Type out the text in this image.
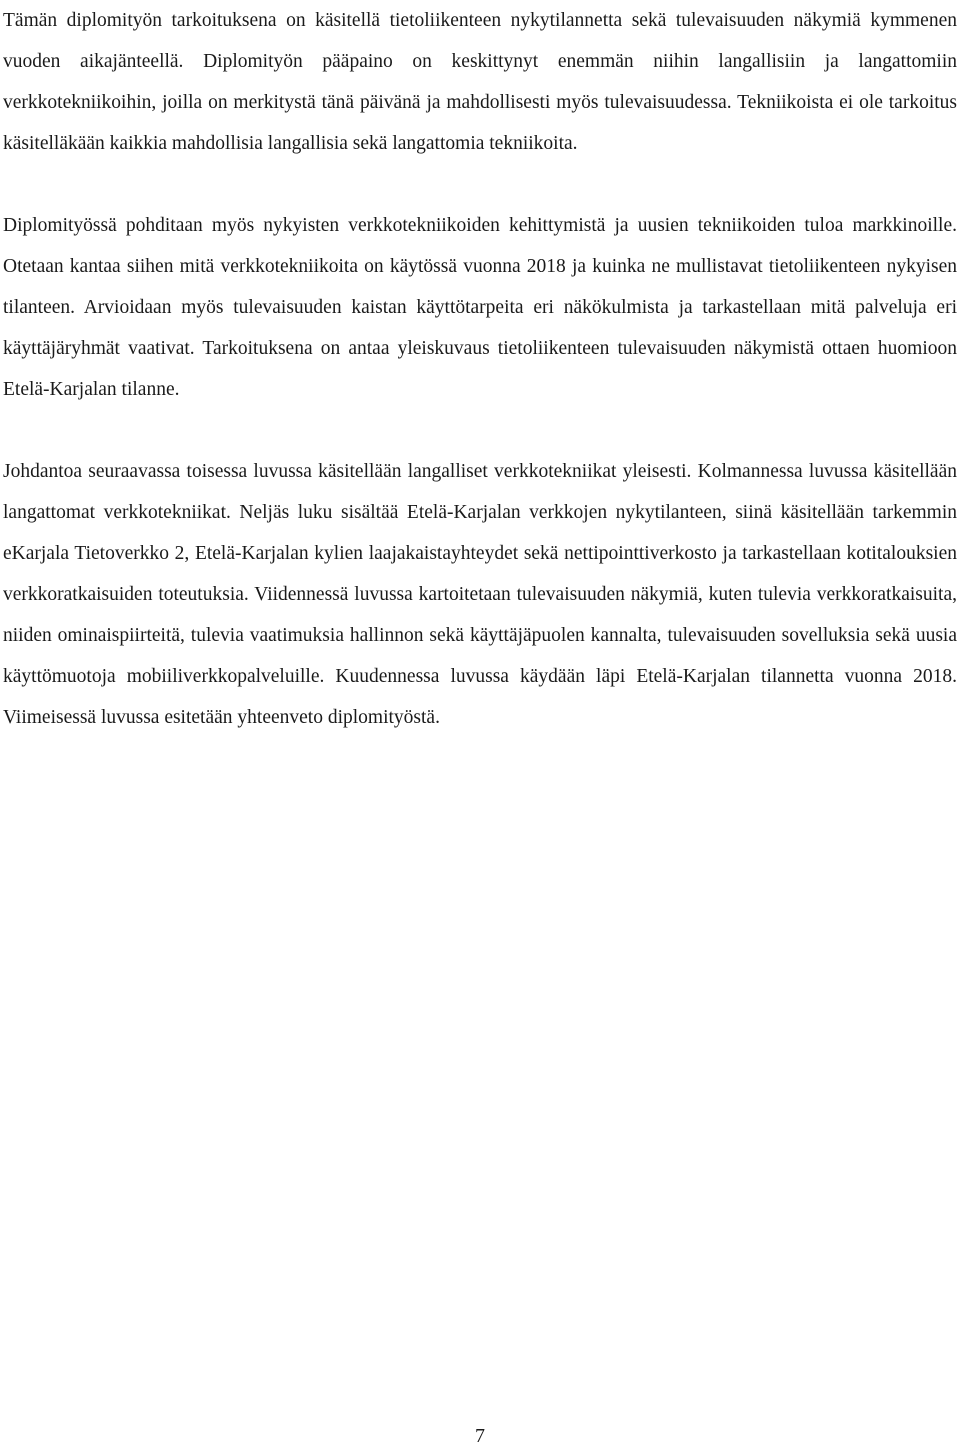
Tämän diplomityön tarkoituksena on käsitellä tietoliikenteen nykytilannetta sekä tulevaisuuden näkymiä kymmenen vuoden aikajänteellä. Diplomityön pääpaino on keskittynyt enemmän niihin langallisiin ja langattomiin verkkotekniikoihin, joilla on merkitystä tänä päivänä ja mahdollisesti myös tulevaisuudessa. Tekniikoista ei ole tarkoitus käsitelläkään kaikkia mahdollisia langallisia sekä langattomia tekniikoita.

Diplomityössä pohditaan myös nykyisten verkkotekniikoiden kehittymistä ja uusien tekniikoiden tuloa markkinoille. Otetaan kantaa siihen mitä verkkotekniikoita on käytössä vuonna 2018 ja kuinka ne mullistavat tietoliikenteen nykyisen tilanteen. Arvioidaan myös tulevaisuuden kaistan käyttötarpeita eri näkökulmista ja tarkastellaan mitä palveluja eri käyttäjäryhmät vaativat. Tarkoituksena on antaa yleiskuvaus tietoliikenteen tulevaisuuden näkymistä ottaen huomioon Etelä-Karjalan tilanne.

Johdantoa seuraavassa toisessa luvussa käsitellään langalliset verkkotekniikat yleisesti. Kolmannessa luvussa käsitellään langattomat verkkotekniikat. Neljäs luku sisältää Etelä-Karjalan verkkojen nykytilanteen, siinä käsitellään tarkemmin eKarjala Tietoverkko 2, Etelä-Karjalan kylien laajakaistayhteydet sekä nettipointtiverkosto ja tarkastellaan kotitalouksien verkkoratkaisuiden toteutuksia. Viidennessä luvussa kartoitetaan tulevaisuuden näkymiä, kuten tulevia verkkoratkaisuita, niiden ominaispiirteitä, tulevia vaatimuksia hallinnon sekä käyttäjäpuolen kannalta, tulevaisuuden sovelluksia sekä uusia käyttömuotoja mobiiliverkkopalveluille. Kuudennessa luvussa käydään läpi Etelä-Karjalan tilannetta vuonna 2018. Viimeisessä luvussa esitetään yhteenveto diplomityöstä.

7
